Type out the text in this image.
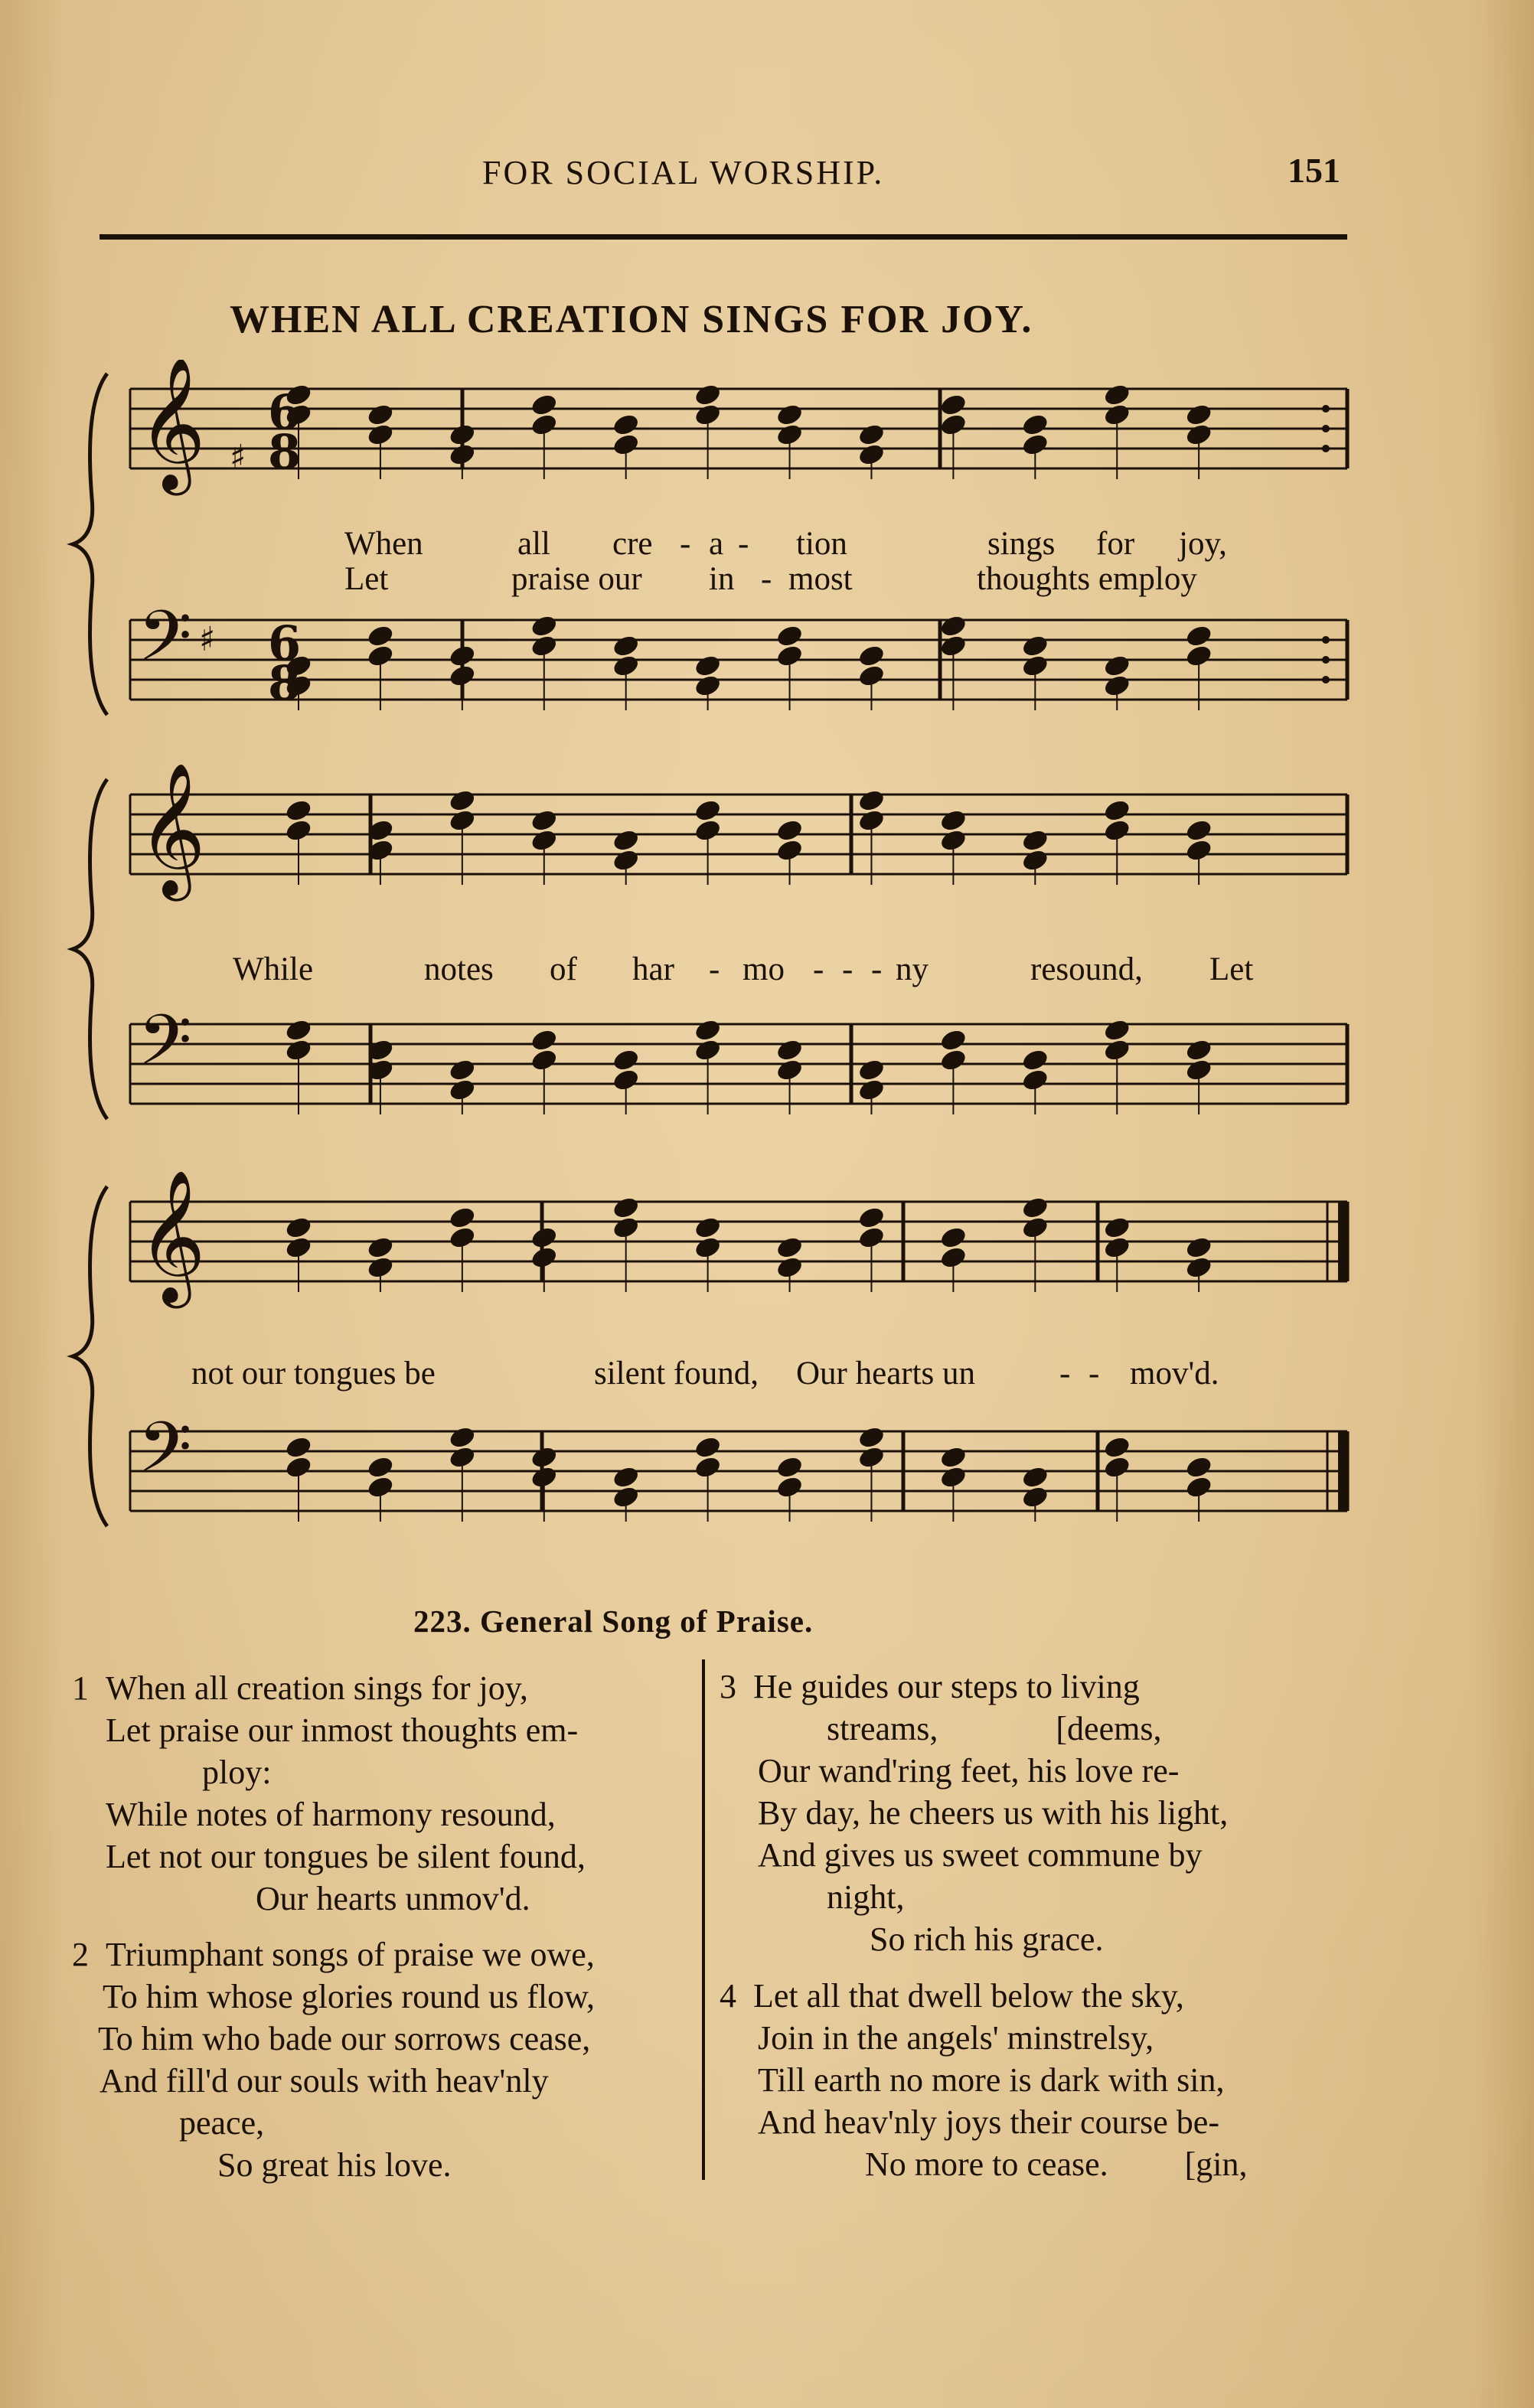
FOR SOCIAL WORSHIP.	151
WHEN ALL CREATION SINGS FOR JOY.
𝄞
𝄢
𝄞
𝄢
𝄞
𝄢
6
8
♯
6
8
♯
When	all cre - a - tion	sings for joy,
Let	praise our in - most	thoughts employ
While	notes of har - mo - - - ny	resound, Let
not our tongues be	silent found, Our hearts un	- - mov'd.
223. General Song of Praise.
1 When all creation sings for joy,
Let praise our inmost thoughts em-
ploy:
While notes of harmony resound,
Let not our tongues be silent found,
Our hearts unmov'd.
2 Triumphant songs of praise we owe,
To him whose glories round us flow,
To him who bade our sorrows cease,
And fill'd our souls with heav'nly
peace,
So great his love.
3 He guides our steps to living
streams,	[deems,
Our wand'ring feet, his love re-
By day, he cheers us with his light,
And gives us sweet commune by
night,
So rich his grace.
4 Let all that dwell below the sky,
Join in the angels' minstrelsy,
Till earth no more is dark with sin,
And heav'nly joys their course be-
No more to cease. [gin,
